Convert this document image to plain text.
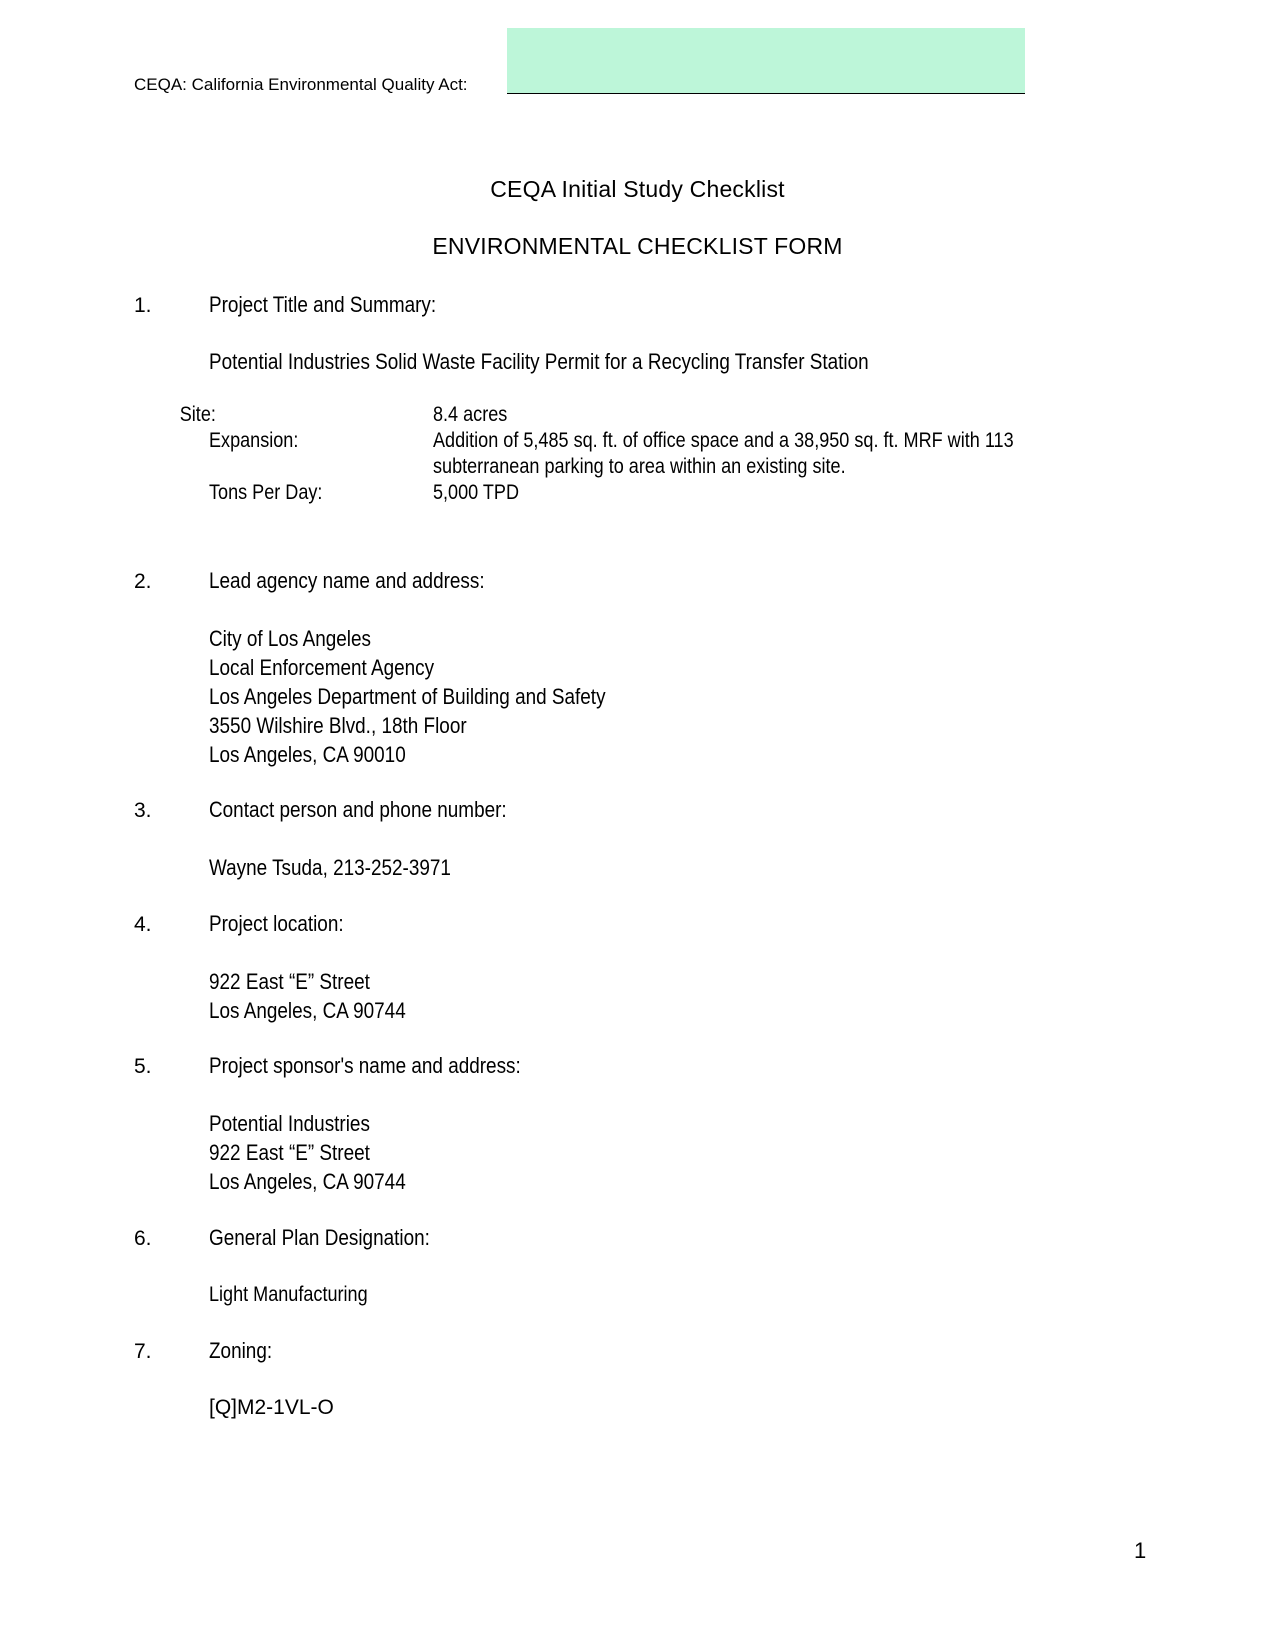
CEQA: California Environmental Quality Act:
CEQA Initial Study Checklist
ENVIRONMENTAL CHECKLIST FORM
1.	Project Title and Summary:
Potential Industries Solid Waste Facility Permit for a Recycling Transfer Station
Site:	8.4 acres
Expansion:	Addition of 5,485 sq. ft. of office space and a 38,950 sq. ft. MRF with 113
subterranean parking to area within an existing site.
Tons Per Day:	5,000 TPD
2.	Lead agency name and address:
City of Los Angeles
Local Enforcement Agency
Los Angeles Department of Building and Safety
3550 Wilshire Blvd., 18th Floor
Los Angeles, CA 90010
3.	Contact person and phone number:
Wayne Tsuda, 213-252-3971
4.	Project location:
922 East “E” Street
Los Angeles, CA 90744
5.	Project sponsor's name and address:
Potential Industries
922 East “E” Street
Los Angeles, CA 90744
6.	General Plan Designation:
Light Manufacturing
7.	Zoning:
[Q]M2-1VL-O
1
